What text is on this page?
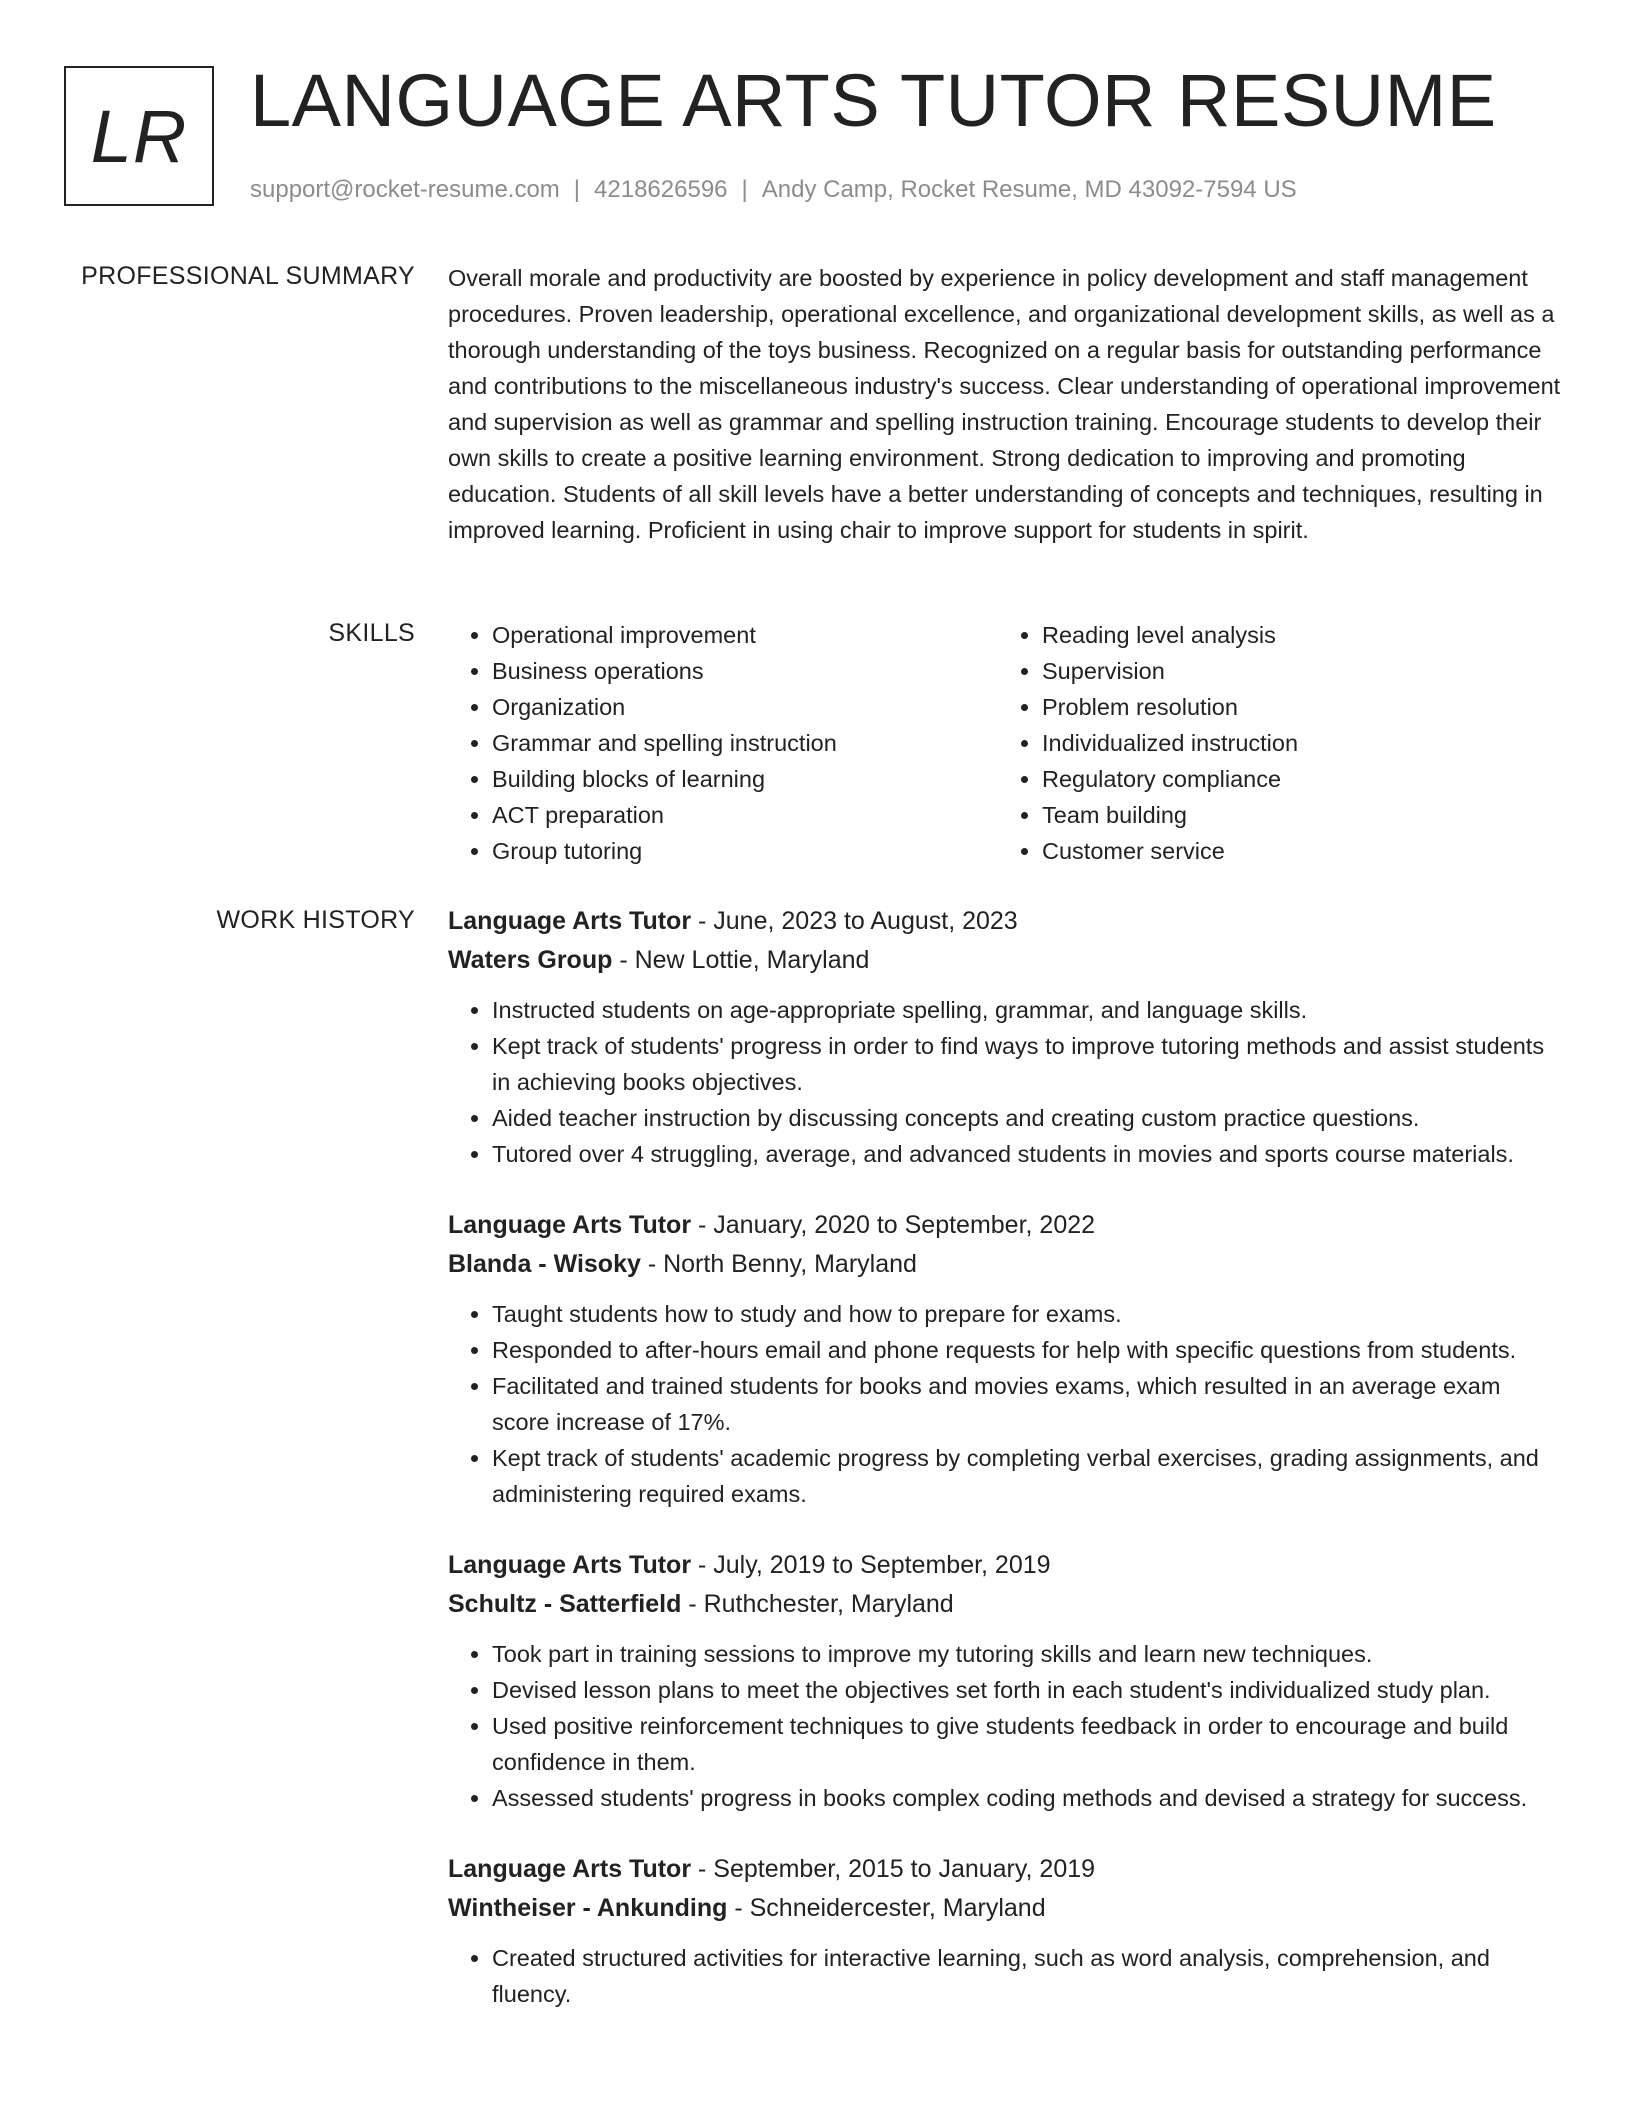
LR LANGUAGE ARTS TUTOR RESUME
support@rocket-resume.com | 4218626596 | Andy Camp, Rocket Resume, MD 43092-7594 US
PROFESSIONAL SUMMARY Overall morale and productivity are boosted by experience in policy development and staff management procedures. Proven leadership, operational excellence, and organizational development skills, as well as a thorough understanding of the toys business. Recognized on a regular basis for outstanding performance and contributions to the miscellaneous industry's success. Clear understanding of operational improvement and supervision as well as grammar and spelling instruction training. Encourage students to develop their own skills to create a positive learning environment. Strong dedication to improving and promoting education. Students of all skill levels have a better understanding of concepts and techniques, resulting in improved learning. Proficient in using chair to improve support for students in spirit.

SKILLS
•	Operational improvement
• Business operations
• Organization
• Grammar and spelling instruction
• Building blocks of learning
• ACT preparation
• Group tutoring
• Reading level analysis
• Supervision
• Problem resolution
• Individualized instruction
• Regulatory compliance
• Team building
• Customer service
WORK HISTORY Language Arts Tutor - June, 2023 to August, 2023
Waters Group - New Lottie, Maryland
• Instructed students on age-appropriate spelling, grammar, and language skills.
• Kept track of students' progress in order to find ways to improve tutoring methods and assist students in achieving books objectives.
• Aided teacher instruction by discussing concepts and creating custom practice questions.
• Tutored over 4 struggling, average, and advanced students in movies and sports course materials.
Language Arts Tutor - January, 2020 to September, 2022
Blanda - Wisoky - North Benny, Maryland
• Taught students how to study and how to prepare for exams.
• Responded to after-hours email and phone requests for help with specific questions from students.
• Facilitated and trained students for books and movies exams, which resulted in an average exam score increase of 17%.
• Kept track of students' academic progress by completing verbal exercises, grading assignments, and administering required exams.
Language Arts Tutor - July, 2019 to September, 2019
Schultz - Satterfield - Ruthchester, Maryland
• Took part in training sessions to improve my tutoring skills and learn new techniques.
• Devised lesson plans to meet the objectives set forth in each student's individualized study plan.
• Used positive reinforcement techniques to give students feedback in order to encourage and build confidence in them.
• Assessed students' progress in books complex coding methods and devised a strategy for success.
Language Arts Tutor - September, 2015 to January, 2019
Wintheiser - Ankunding - Schneidercester, Maryland
• Created structured activities for interactive learning, such as word analysis, comprehension, and fluency.
